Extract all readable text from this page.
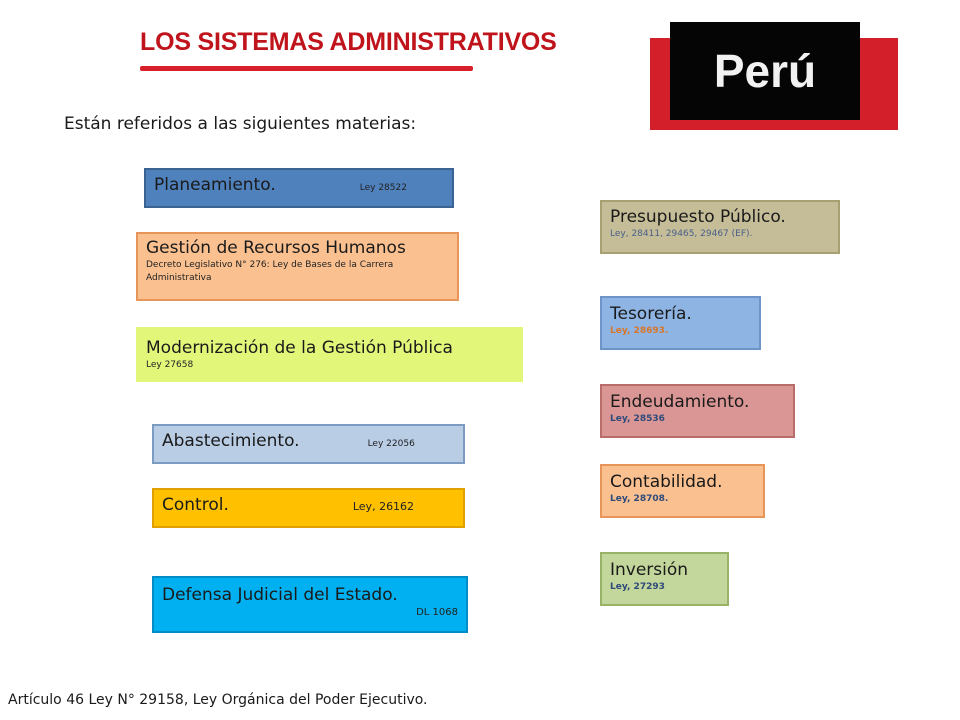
LOS SISTEMAS ADMINISTRATIVOS
Perú
Están referidos a las siguientes materias:
Planeamiento.	Ley 28522
Gestión de Recursos Humanos
Decreto Legislativo N° 276: Ley de Bases de la Carrera Administrativa
Modernización de la Gestión Pública
Ley 27658
Abastecimiento.	Ley 22056
Control.	Ley, 26162
Defensa Judicial del Estado.
DL 1068
Presupuesto Público.
Ley, 28411, 29465, 29467 (EF).
Tesorería.
Ley, 28693.
Endeudamiento.
Ley, 28536
Contabilidad.
Ley, 28708.
Inversión
Ley, 27293
Artículo 46 Ley N° 29158, Ley Orgánica del Poder Ejecutivo.
